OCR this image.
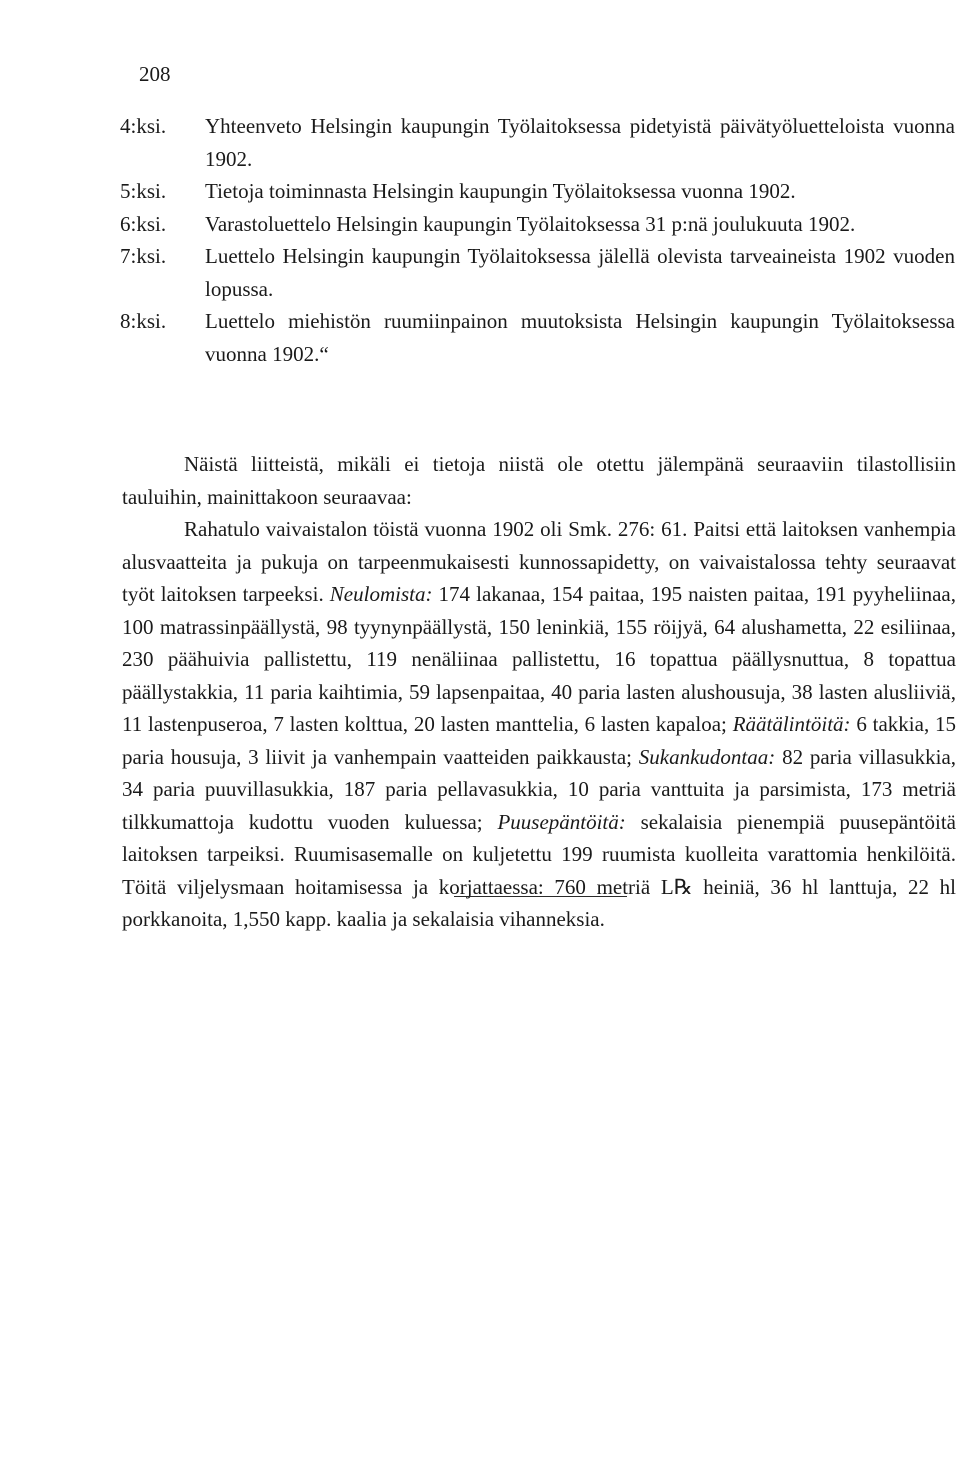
208
4:ksi.	Yhteenveto Helsingin kaupungin Työlaitoksessa pidetyistä päivätyöluetteloista vuonna 1902.
5:ksi.	Tietoja toiminnasta Helsingin kaupungin Työlaitoksessa vuonna 1902.
6:ksi.	Varastoluettelo Helsingin kaupungin Työlaitoksessa 31 p:nä joulukuuta 1902.
7:ksi.	Luettelo Helsingin kaupungin Työlaitoksessa jälellä olevista tarveaineista 1902 vuoden lopussa.
8:ksi.	Luettelo miehistön ruumiinpainon muutoksista Helsingin kaupungin Työlaitoksessa vuonna 1902.“

Näistä liitteistä, mikäli ei tietoja niistä ole otettu jälempänä seuraaviin tilastollisiin tauluihin, mainittakoon seuraavaa:

Rahatulo vaivaistalon töistä vuonna 1902 oli Smk. 276: 61. Paitsi että laitoksen vanhempia alusvaatteita ja pukuja on tarpeenmukaisesti kunnossapidetty, on vaivaistalossa tehty seuraavat työt laitoksen tarpeeksi. Neulomista: 174 lakanaa, 154 paitaa, 195 naisten paitaa, 191 pyyheliinaa, 100 matrassinpäällystä, 98 tyynynpäällystä, 150 leninkiä, 155 röijyä, 64 alushametta, 22 esiliinaa, 230 päähuivia pallistettu, 119 nenäliinaa pallistettu, 16 topattua päällysnuttua, 8 topattua päällystakkia, 11 paria kaihtimia, 59 lapsenpaitaa, 40 paria lasten alushousuja, 38 lasten alusliiviä, 11 lastenpuseroa, 7 lasten kolttua, 20 lasten manttelia, 6 lasten kapaloa; Räätälintöitä: 6 takkia, 15 paria housuja, 3 liivit ja vanhempain vaatteiden paikkausta; Sukankudontaa: 82 paria villasukkia, 34 paria puuvillasukkia, 187 paria pellavasukkia, 10 paria vanttuita ja parsimista, 173 metriä tilkkumattoja kudottu vuoden kuluessa; Puusepäntöitä: sekalaisia pienempiä puusepäntöitä laitoksen tarpeiksi. Ruumisasemalle on kuljetettu 199 ruumista kuolleita varattomia henkilöitä. Töitä viljelysmaan hoitamisessa ja korjattaessa: 760 metriä L℞ heiniä, 36 hl lanttuja, 22 hl porkkanoita, 1,550 kapp. kaalia ja sekalaisia vihanneksia.
